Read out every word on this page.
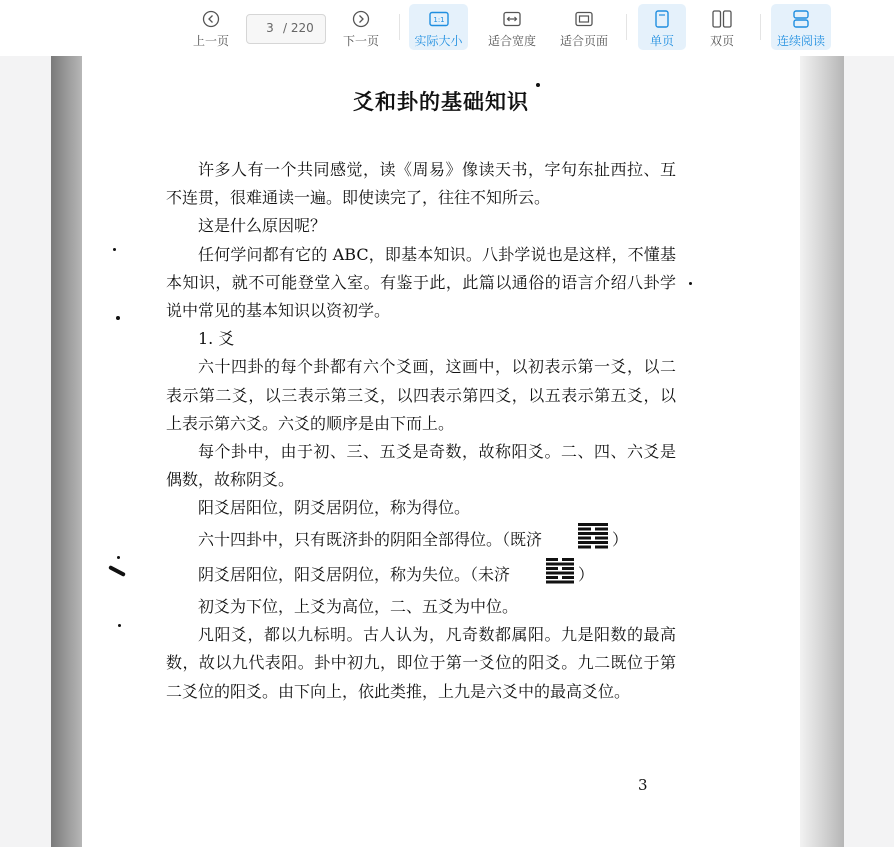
上一页
3 / 220
下一页
1:1
实际大小 适合宽度 适合页面	单页	双页	连续阅读
爻和卦的基础知识

许多人有一个共同感觉，读《周易》像读天书，字句东扯西拉、互不连贯，很难通读一遍。即使读完了，往往不知所云。

这是什么原因呢？

任何学问都有它的 ABC，即基本知识。八卦学说也是这样，不懂基本知识，就不可能登堂入室。有鉴于此，此篇以通俗的语言介绍八卦学说中常见的基本知识以资初学。

1. 爻

六十四卦的每个卦都有六个爻画，这画中，以初表示第一爻，以二表示第二爻，以三表示第三爻，以四表示第四爻，以五表示第五爻，以上表示第六爻。六爻的顺序是由下而上。

每个卦中，由于初、三、五爻是奇数，故称阳爻。二、四、六爻是偶数，故称阴爻。

阳爻居阳位，阴爻居阴位，称为得位。

六十四卦中，只有既济卦的阴阳全部得位。（既济	）

阴爻居阳位，阳爻居阴位，称为失位。（未济	）

初爻为下位，上爻为高位，二、五爻为中位。

凡阳爻，都以九标明。古人认为，凡奇数都属阳。九是阳数的最高数，故以九代表阳。卦中初九，即位于第一爻位的阳爻。九二既位于第二爻位的阳爻。由下向上，依此类推，上九是六爻中的最高爻位。

3
